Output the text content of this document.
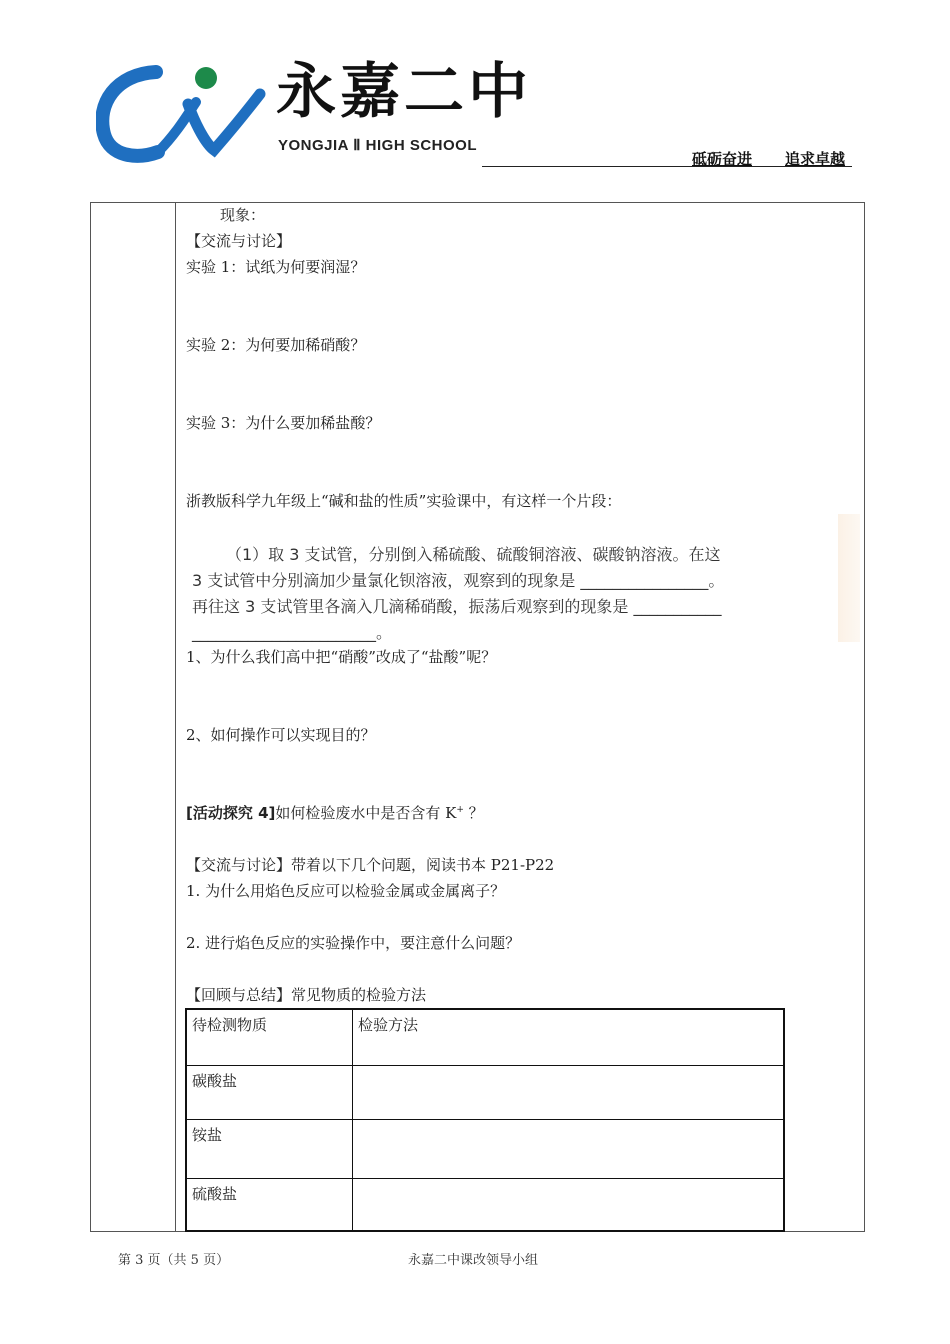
永嘉二中
YONGJIA Ⅱ HIGH SCHOOL
砥砺奋进 追求卓越
现象：
【交流与讨论】
实验 1：试纸为何要润湿？
实验 2：为何要加稀硝酸？
实验 3：为什么要加稀盐酸？
浙教版科学九年级上“碱和盐的性质”实验课中，有这样一个片段：
（1）取 3 支试管，分别倒入稀硫酸、硫酸铜溶液、碳酸钠溶液。在这
3 支试管中分别滴加少量氯化钡溶液，观察到的现象是 ________________。
再往这 3 支试管里各滴入几滴稀硝酸，振荡后观察到的现象是 ___________
_______________________。
1、为什么我们高中把“硝酸”改成了“盐酸”呢？
2、如何操作可以实现目的？
[活动探究 4]如何检验废水中是否含有 K+ ？
【交流与讨论】带着以下几个问题，阅读书本 P21-P22
1. 为什么用焰色反应可以检验金属或金属离子？
2. 进行焰色反应的实验操作中，要注意什么问题？
【回顾与总结】常见物质的检验方法
待检测物质	检验方法
碳酸盐	
铵盐	
硫酸盐	
第 3 页（共 5 页）	永嘉二中课改领导小组
